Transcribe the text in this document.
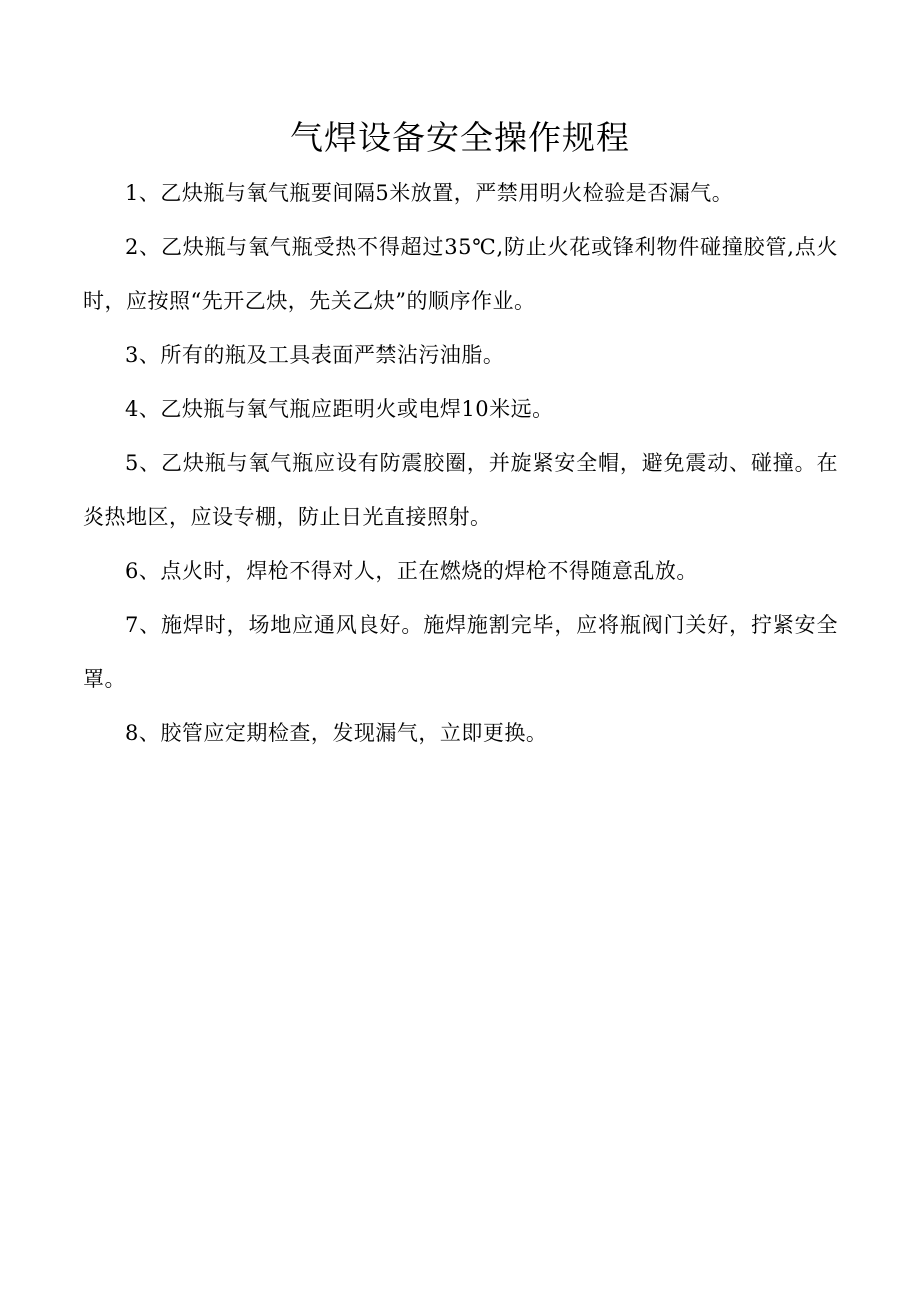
气焊设备安全操作规程

1、乙炔瓶与氧气瓶要间隔5米放置，严禁用明火检验是否漏气。

2、乙炔瓶与氧气瓶受热不得超过35℃,防止火花或锋利物件碰撞胶管,点火时，应按照“先开乙炔，先关乙炔”的顺序作业。

3、所有的瓶及工具表面严禁沾污油脂。

4、乙炔瓶与氧气瓶应距明火或电焊10米远。

5、乙炔瓶与氧气瓶应设有防震胶圈，并旋紧安全帽，避免震动、碰撞。在炎热地区，应设专棚，防止日光直接照射。

6、点火时，焊枪不得对人，正在燃烧的焊枪不得随意乱放。

7、施焊时，场地应通风良好。施焊施割完毕，应将瓶阀门关好，拧紧安全罩。

8、胶管应定期检查，发现漏气，立即更换。
